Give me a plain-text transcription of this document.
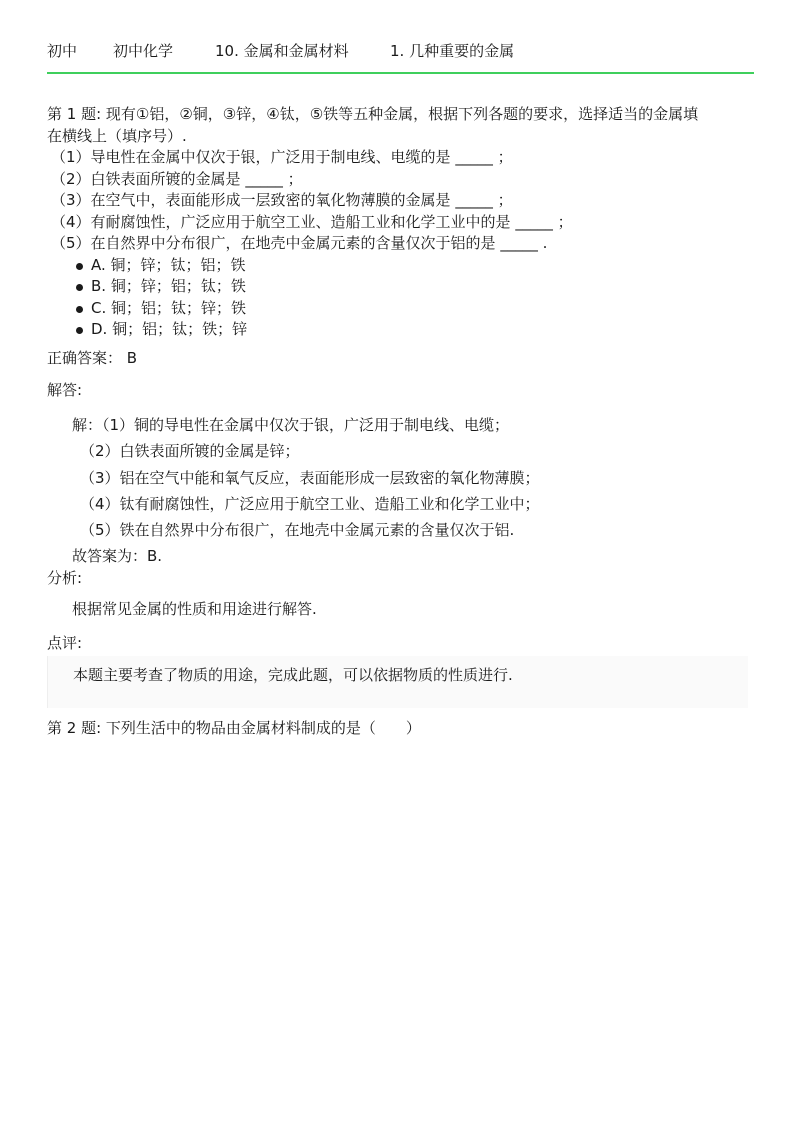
初中 初中化学	10. 金属和金属材料	1. 几种重要的金属
第 1 题: 现有①铝，②铜，③锌，④钛，⑤铁等五种金属，根据下列各题的要求，选择适当的金属填
在横线上（填序号）.
（1）导电性在金属中仅次于银，广泛用于制电线、电缆的是 _____ ；
（2）白铁表面所镀的金属是 _____ ；
（3）在空气中，表面能形成一层致密的氧化物薄膜的金属是 _____ ；
（4）有耐腐蚀性，广泛应用于航空工业、造船工业和化学工业中的是 _____ ；
（5）在自然界中分布很广，在地壳中金属元素的含量仅次于铝的是 _____ .
A. 铜；锌；钛；铝；铁
B. 铜；锌；铝；钛；铁
C. 铜；铝；钛；锌；铁
D. 铜；铝；钛；铁；锌
正确答案： B
解答:
解：（1）铜的导电性在金属中仅次于银，广泛用于制电线、电缆；
（2）白铁表面所镀的金属是锌；
（3）铝在空气中能和氧气反应，表面能形成一层致密的氧化物薄膜；
（4）钛有耐腐蚀性，广泛应用于航空工业、造船工业和化学工业中；
（5）铁在自然界中分布很广，在地壳中金属元素的含量仅次于铝.
故答案为：B.
分析:
根据常见金属的性质和用途进行解答.
点评:
本题主要考查了物质的用途，完成此题，可以依据物质的性质进行.
第 2 题: 下列生活中的物品由金属材料制成的是（　　）
